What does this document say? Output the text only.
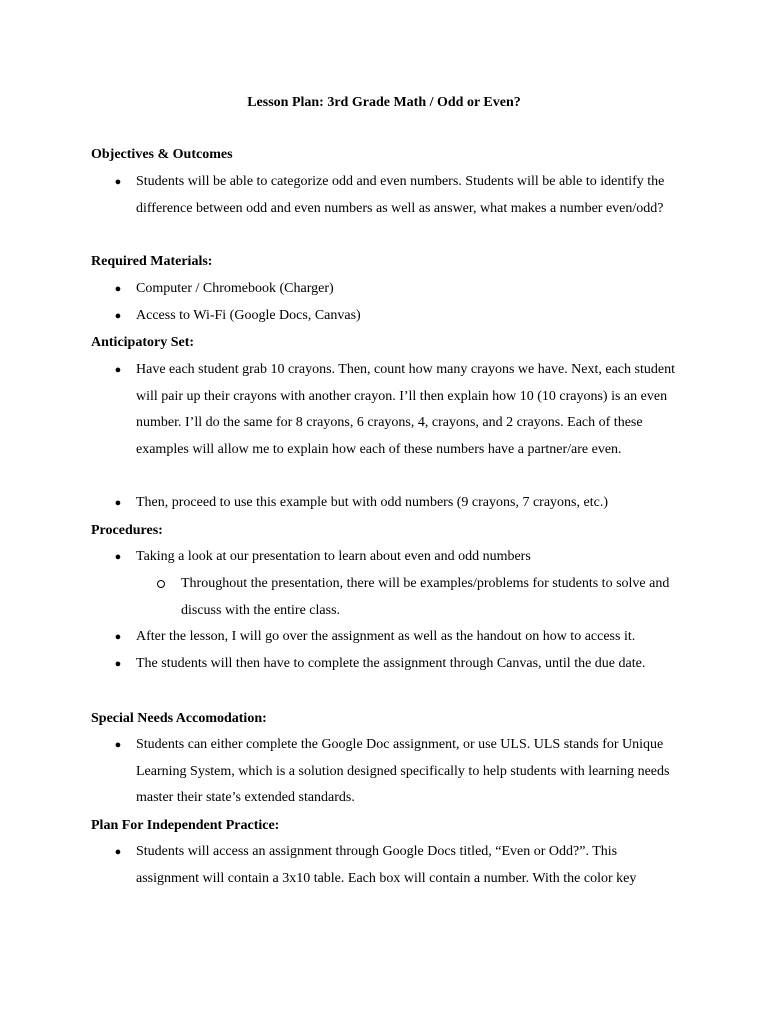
Lesson Plan: 3rd Grade Math / Odd or Even?
Objectives & Outcomes
● Students will be able to categorize odd and even numbers. Students will be able to identify the difference between odd and even numbers as well as answer, what makes a number even/odd?
Required Materials:
● Computer / Chromebook (Charger)
● Access to Wi-Fi (Google Docs, Canvas)
Anticipatory Set:
● Have each student grab 10 crayons. Then, count how many crayons we have. Next, each student will pair up their crayons with another crayon. I’ll then explain how 10 (10 crayons) is an even number. I’ll do the same for 8 crayons, 6 crayons, 4, crayons, and 2 crayons. Each of these examples will allow me to explain how each of these numbers have a partner/are even.
● Then, proceed to use this example but with odd numbers (9 crayons, 7 crayons, etc.)
Procedures:
● Taking a look at our presentation to learn about even and odd numbers
Throughout the presentation, there will be examples/problems for students to solve and discuss with the entire class.
● After the lesson, I will go over the assignment as well as the handout on how to access it.
● The students will then have to complete the assignment through Canvas, until the due date.
Special Needs Accomodation:
● Students can either complete the Google Doc assignment, or use ULS. ULS stands for Unique Learning System, which is a solution designed specifically to help students with learning needs master their state’s extended standards.
Plan For Independent Practice:
● Students will access an assignment through Google Docs titled, “Even or Odd?”. This assignment will contain a 3x10 table. Each box will contain a number. With the color key
